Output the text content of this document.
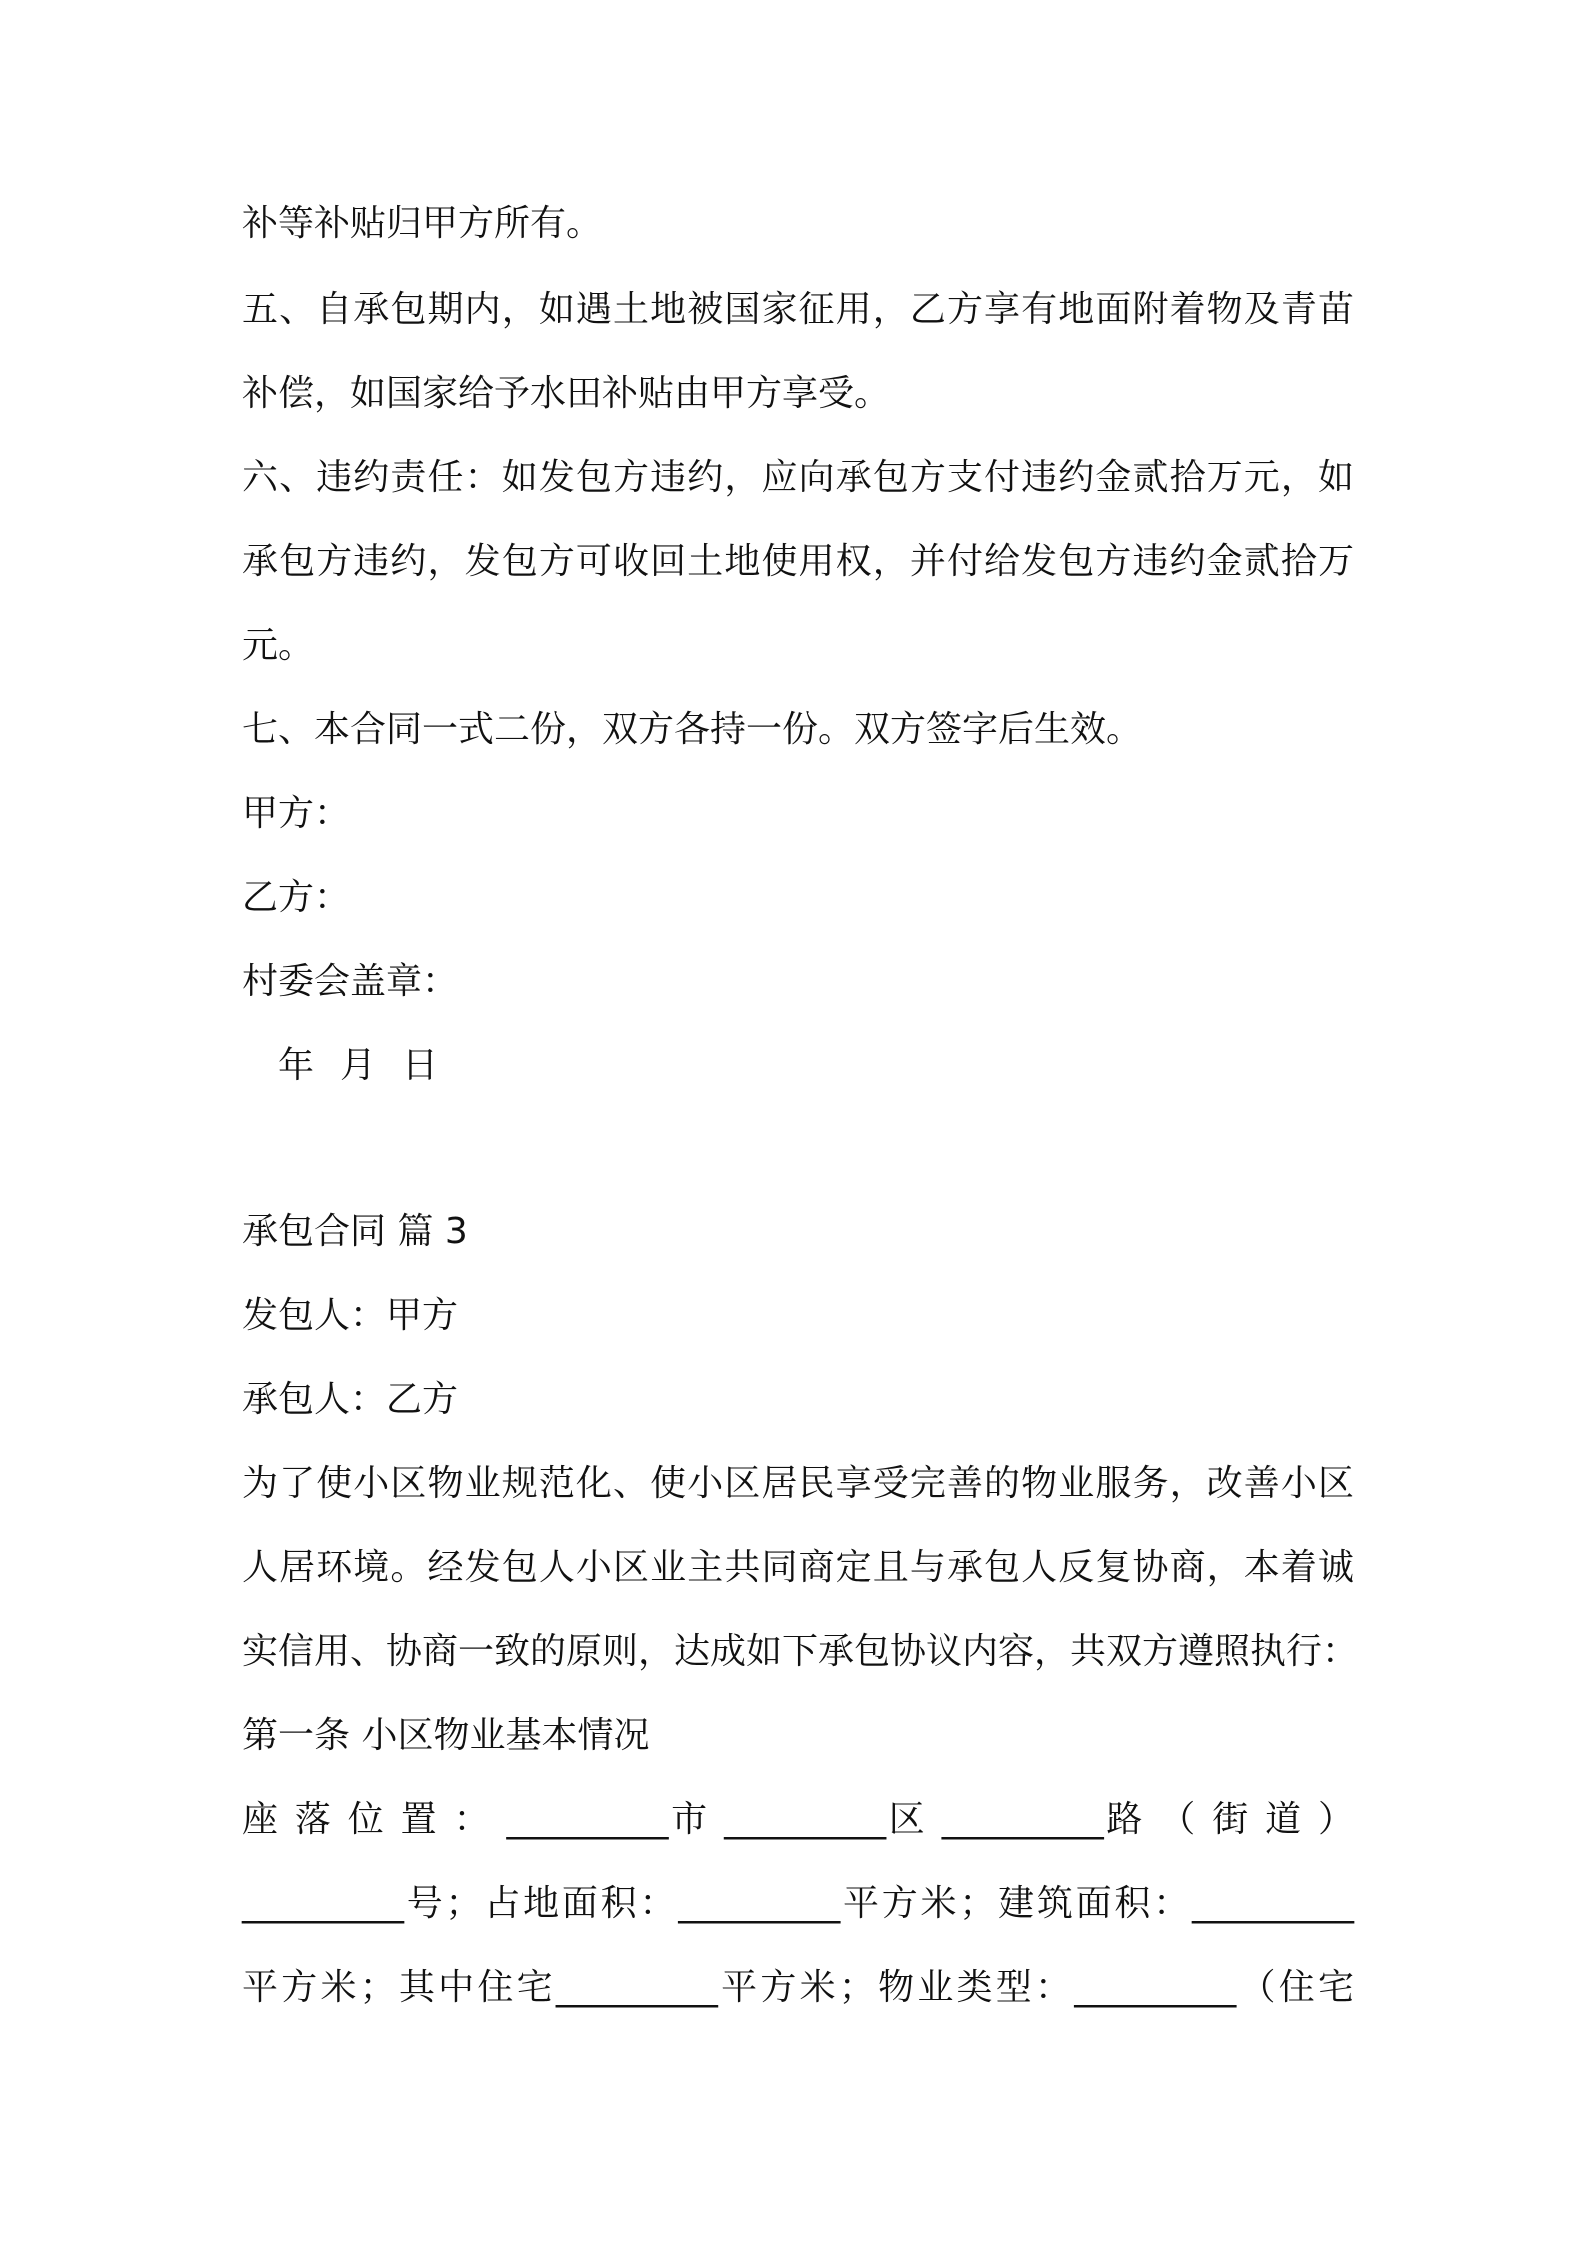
补等补贴归甲方所有。

五、自承包期内，如遇土地被国家征用，乙方享有地面附着物及青苗

补偿，如国家给予水田补贴由甲方享受。

六、违约责任：如发包方违约，应向承包方支付违约金贰拾万元，如

承包方违约，发包方可收回土地使用权，并付给发包方违约金贰拾万

元。

七、本合同一式二份，双方各持一份。双方签字后生效。

甲方：

乙方：

村委会盖章：

年 月 日

承包合同 篇 3

发包人：甲方

承包人：乙方

为了使小区物业规范化、使小区居民享受完善的物业服务，改善小区

人居环境。经发包人小区业主共同商定且与承包人反复协商，本着诚

实信用、协商一致的原则，达成如下承包协议内容，共双方遵照执行：

第一条 小区物业基本情况

座 落 位 置 ： _________市 _________区 _________路 （ 街 道 ）

_________号；占地面积：_________平方米；建筑面积：_________

平方米；其中住宅_________平方米；物业类型：_________（住宅
